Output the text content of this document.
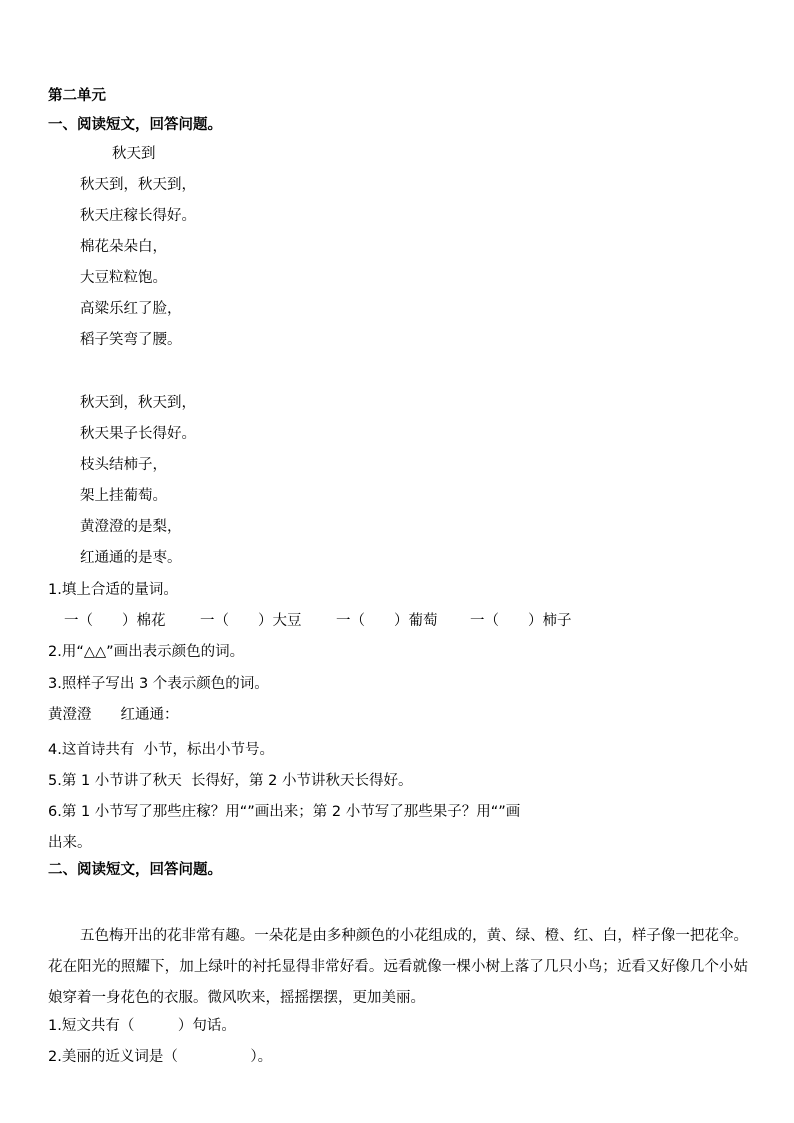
第二单元
一、阅读短文，回答问题。
秋天到
秋天到，秋天到，
秋天庄稼长得好。
棉花朵朵白，
大豆粒粒饱。
高粱乐红了脸，
稻子笑弯了腰。
秋天到，秋天到，
秋天果子长得好。
枝头结柿子，
架上挂葡萄。
黄澄澄的是梨，
红通通的是枣。
1.填上合适的量词。
一（　　）棉花 一（　　）大豆 一（　　）葡萄 一（　　）柿子
2.用“△△”画出表示颜色的词。
3.照样子写出 3 个表示颜色的词。
黄澄澄　　红通通：
4.这首诗共有  小节，标出小节号。
5.第 1 小节讲了秋天  长得好，第 2 小节讲秋天长得好。
6.第 1 小节写了那些庄稼？用“”画出来；第 2 小节写了那些果子？用“”画
出来。
二、阅读短文，回答问题。
五色梅开出的花非常有趣。一朵花是由多种颜色的小花组成的，黄、绿、橙、红、白，样子像一把花伞。花在阳光的照耀下，加上绿叶的衬托显得非常好看。远看就像一棵小树上落了几只小鸟；近看又好像几个小姑娘穿着一身花色的衣服。微风吹来，摇摇摆摆，更加美丽。
1.短文共有（　　　）句话。
2.美丽的近义词是（　　　　　）。
